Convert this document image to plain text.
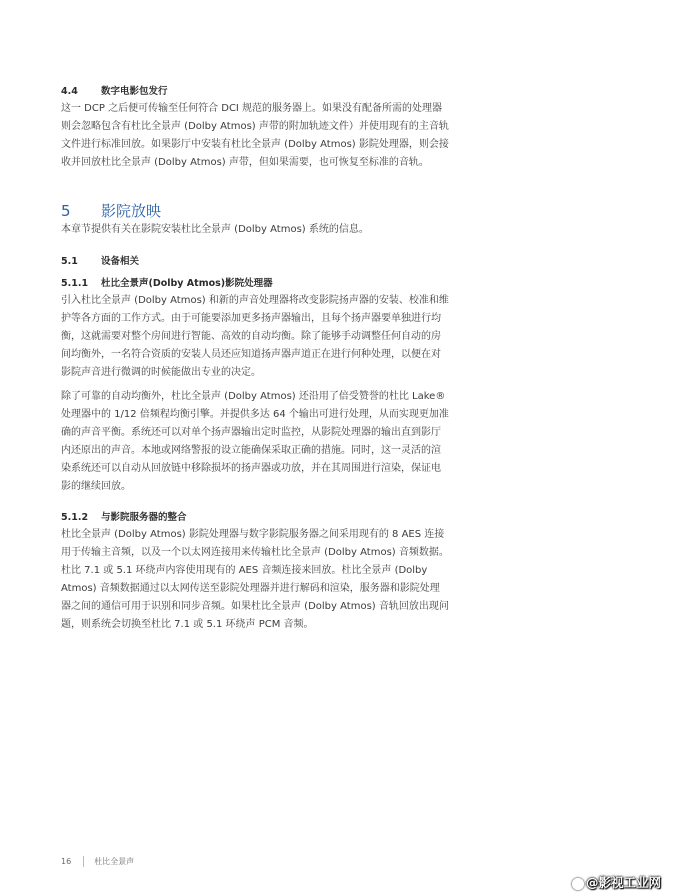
4.4 数字电影包发行
这一 DCP 之后便可传输至任何符合 DCI 规范的服务器上。如果没有配备所需的处理器
则会忽略包含有杜比全景声 (Dolby Atmos) 声带的附加轨迹文件）并使用现有的主音轨
文件进行标准回放。如果影厅中安装有杜比全景声 (Dolby Atmos) 影院处理器，则会接
收并回放杜比全景声 (Dolby Atmos) 声带，但如果需要，也可恢复至标准的音轨。
5 影院放映
本章节提供有关在影院安装杜比全景声 (Dolby Atmos) 系统的信息。
5.1 设备相关
5.1.1 杜比全景声(Dolby Atmos)影院处理器
引入杜比全景声 (Dolby Atmos) 和新的声音处理器将改变影院扬声器的安装、校准和维
护等各方面的工作方式。由于可能要添加更多扬声器输出，且每个扬声器要单独进行均
衡，这就需要对整个房间进行智能、高效的自动均衡。除了能够手动调整任何自动的房
间均衡外，一名符合资质的安装人员还应知道扬声器声道正在进行何种处理，以便在对
影院声音进行微调的时候能做出专业的决定。
除了可靠的自动均衡外，杜比全景声 (Dolby Atmos) 还沿用了倍受赞誉的杜比 Lake®
处理器中的 1/12 倍频程均衡引擎。并提供多达 64 个输出可进行处理，从而实现更加准
确的声音平衡。系统还可以对单个扬声器输出定时监控，从影院处理器的输出直到影厅
内还原出的声音。本地或网络警报的设立能确保采取正确的措施。同时，这一灵活的渲
染系统还可以自动从回放链中移除损坏的扬声器或功放，并在其周围进行渲染，保证电
影的继续回放。
5.1.2 与影院服务器的整合
杜比全景声 (Dolby Atmos) 影院处理器与数字影院服务器之间采用现有的 8 AES 连接
用于传输主音频，以及一个以太网连接用来传输杜比全景声 (Dolby Atmos) 音频数据。
杜比 7.1 或 5.1 环绕声内容使用现有的 AES 音频连接来回放。杜比全景声 (Dolby
Atmos) 音频数据通过以太网传送至影院处理器并进行解码和渲染，服务器和影院处理
器之间的通信可用于识别和同步音频。如果杜比全景声 (Dolby Atmos) 音轨回放出现问
题，则系统会切换至杜比 7.1 或 5.1 环绕声 PCM 音频。
16	杜比全景声
@影视工业网
